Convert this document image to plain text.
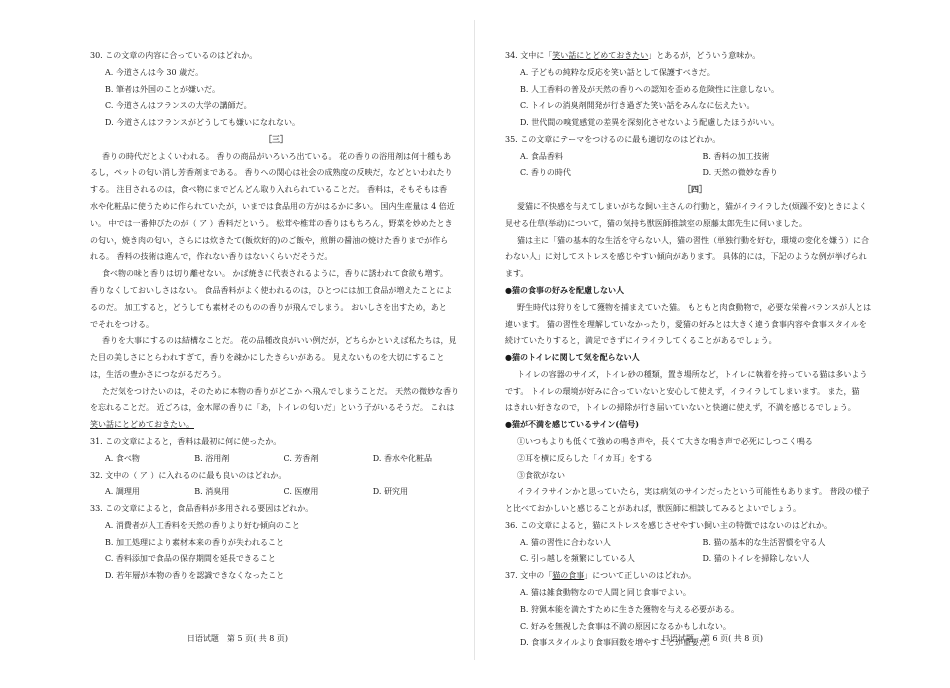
30. この文章の内容に合っているのはどれか。
A. 今道さんは今 30 歳だ。
B. 筆者は外国のことが嫌いだ。
C. 今道さんはフランスの大学の講師だ。
D. 今道さんはフランスがどうしても嫌いになれない。
［三］
香りの時代だとよくいわれる。 香りの商品がいろいろ出ている。 花の香りの浴用剤は何十種もあ
るし，ペットの匂い消し芳香剤まである。 香りへの関心は社会の成熟度の反映だ，などといわれたり
する。 注目されるのは，食べ物にまでどんどん取り入れられていることだ。 香料は，そもそもは香
水や化粧品に使うために作られていたが，いまでは食品用の方がはるかに多い。 国内生産量は 4 倍近
い。 中では一番伸びたのが（ ア ）香料だという。 松茸や椎茸の香りはもちろん，野菜を炒めたとき
の匂い，焼き肉の匂い，さらには炊きたて(飯炊好的)のご飯や，煎餅の醤油の焼けた香りまでが作ら
れる。 香料の技術は進んで，作れない香りはないくらいだそうだ。
食べ物の味と香りは切り離せない。 かば焼きに代表されるように，香りに誘われて食欲も増す。
香りなくしておいしさはない。 食品香料がよく使われるのは，ひとつには加工食品が増えたことによ
るのだ。 加工すると，どうしても素材そのものの香りが飛んでしまう。 おいしさを出すため，あと
でそれをつける。
香りを大事にするのは結構なことだ。 花の品種改良がいい例だが，どちらかといえば私たちは，見
た目の美しさにとらわれすぎて，香りを疎かにしたきらいがある。 見えないものを大切にすること
は，生活の豊かさにつながるだろう。
ただ気をつけたいのは，そのために本物の香りがどこか へ飛んでしまうことだ。 天然の微妙な香り
を忘れることだ。 近ごろは，金木犀の香りに「あ，トイレの匂いだ」という子がいるそうだ。 これは
笑い話にとどめておきたい。
31. この文章によると，香料は最初に何に使ったか。
A. 食べ物	B. 浴用剤	C. 芳香剤	D. 香水や化粧品
32. 文中の（ ア ）に入れるのに最も良いのはどれか。
A. 調理用	B. 消臭用	C. 医療用	D. 研究用
33. この文章によると，食品香料が多用される要因はどれか。
A. 消費者が人工香料を天然の香りより好む傾向のこと
B. 加工処理により素材本来の香りが失われること
C. 香料添加で食品の保存期間を延長できること
D. 若年層が本物の香りを認識できなくなったこと
日语试题　第 5 页( 共 8 页)
34. 文中に「笑い話にとどめておきたい」とあるが，どういう意味か。
A. 子どもの純粋な反応を笑い話として保護すべきだ。
B. 人工香料の普及が天然の香りへの認知を歪める危険性に注意しない。
C. トイレの消臭剤開発が行き過ぎた笑い話をみんなに伝えたい。
D. 世代間の嗅覚感覚の差異を深刻化させないよう配慮したほうがいい。
35. この文章にテーマをつけるのに最も適切なのはどれか。
A. 食品香料	B. 香料の加工技術
C. 香りの時代	D. 天然の微妙な香り
［四］
愛猫に不快感を与えてしまいがちな飼い主さんの行動と，猫がイライラした(烦躁不安)ときによく
見せる仕草(举动)について，猫の気持ち獣医師推談室の原藤太郎先生に伺いました。
猫は主に「猫の基本的な生活を守らない人，猫の習性（単独行動を好む，環境の変化を嫌う）に合
わない人」に対してストレスを感じやすい傾向があります。 具体的には，下記のような例が挙げられ
ます。
●猫の食事の好みを配慮しない人
野生時代は狩りをして獲物を捕まえていた猫。 もともと肉食動物で，必要な栄養バランスが人とは
違います。 猫の習性を理解していなかったり，愛猫の好みとは大きく違う食事内容や食事スタイルを
続けていたりすると，満足できずにイライラしてくることがあるでしょう。
●猫のトイレに関して気を配らない人
トイレの容器のサイズ，トイレ砂の種類，置き場所など，トイレに執着を持っている猫は多いよう
です。 トイレの環境が好みに合っていないと安心して使えず，イライラしてしまいます。 また，猫
はきれい好きなので，トイレの掃除が行き届いていないと快適に使えず，不満を感じるでしょう。
●猫が不満を感じているサイン(信号)
①いつもよりも低くて強めの鳴き声や，長くて大きな鳴き声で必死にしつこく鳴る
②耳を横に反らした「イカ耳」をする
③食欲がない
イライラサインかと思っていたら，実は病気のサインだったという可能性もあります。 普段の様子
と比べておかしいと感じることがあれば，獣医師に相談してみるとよいでしょう。
36. この文章によると，猫にストレスを感じさせやすい飼い主の特徴ではないのはどれか。
A. 猫の習性に合わない人	B. 猫の基本的な生活習慣を守る人
C. 引っ越しを頻繁にしている人	D. 猫のトイレを掃除しない人
37. 文中の「猫の食事」について正しいのはどれか。
A. 猫は雑食動物なので人間と同じ食事でよい。
B. 狩猟本能を満たすために生きた獲物を与える必要がある。
C. 好みを無視した食事は不満の原因になるかもしれない。
D. 食事スタイルより食事回数を増やすことが重要だ。
日语试题　第 6 页( 共 8 页)
